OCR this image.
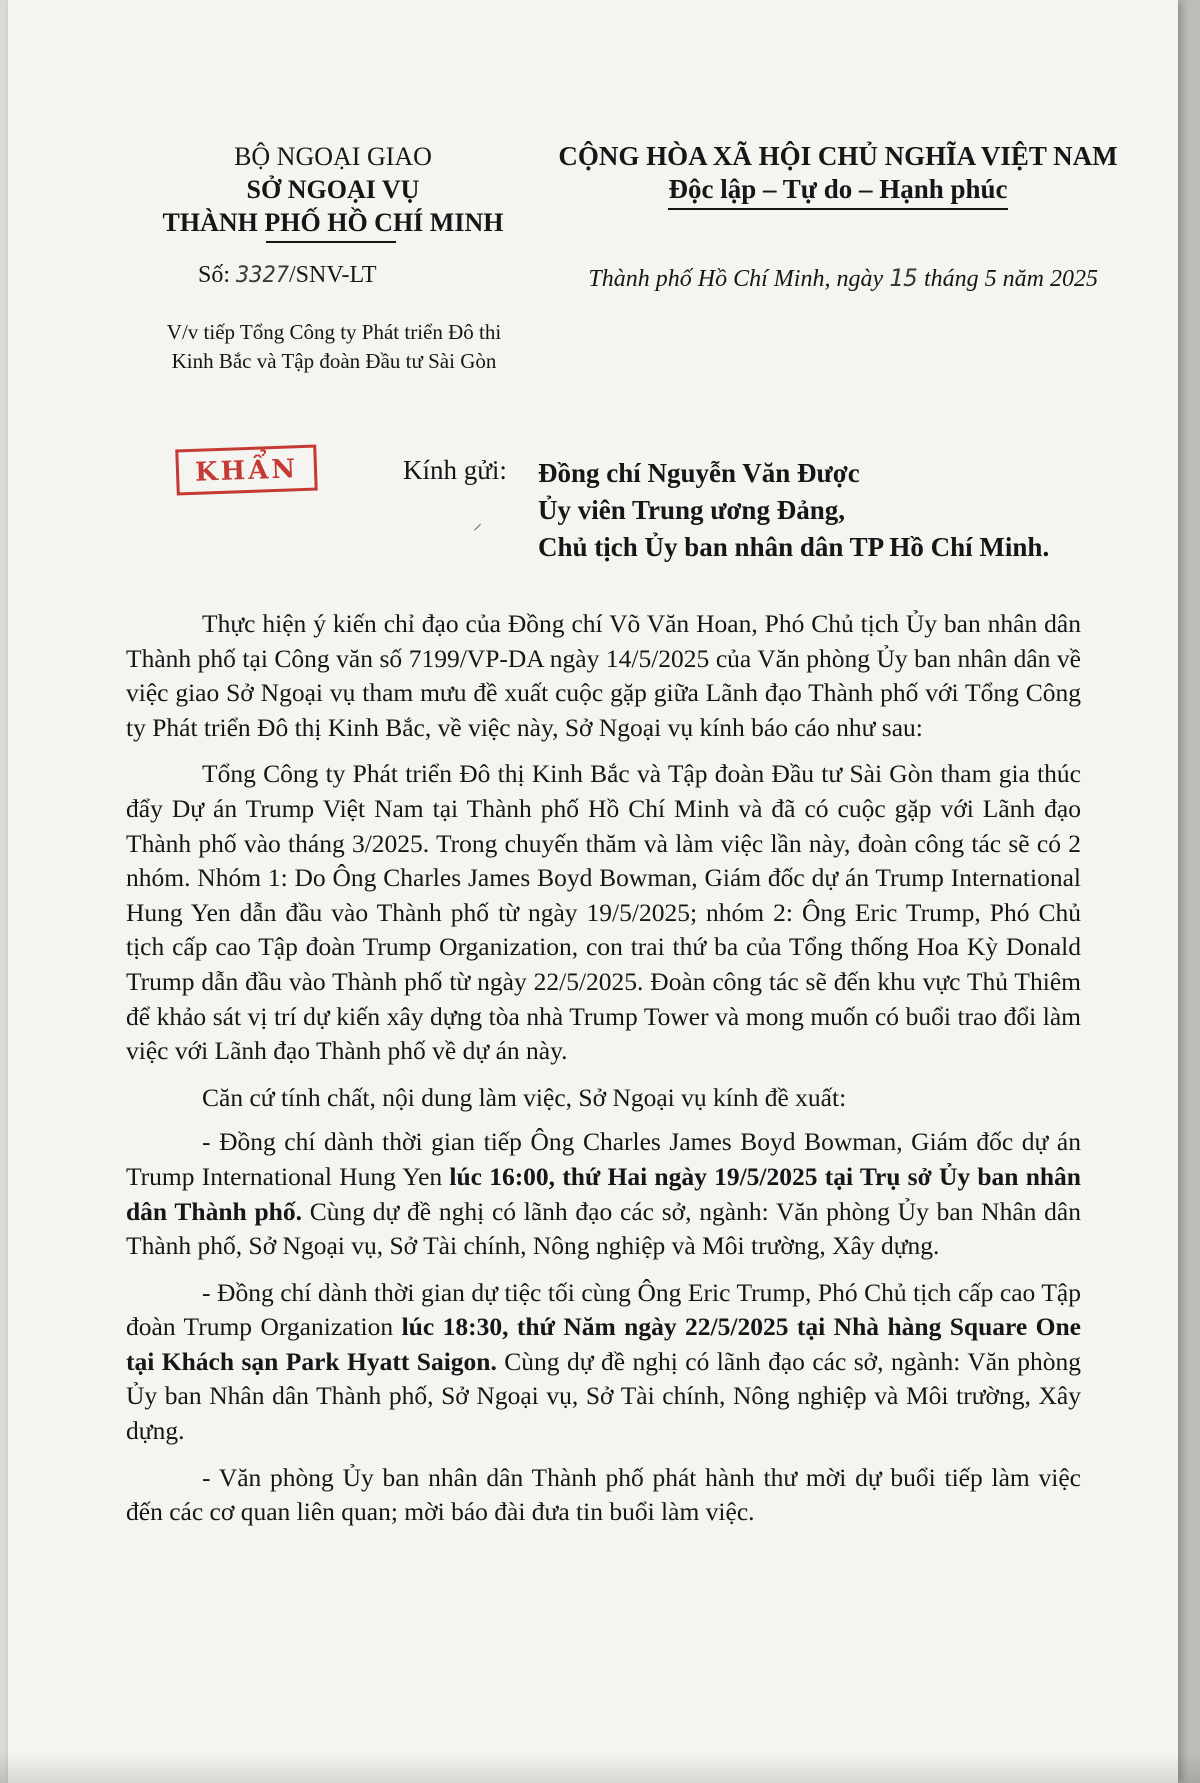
BỘ NGOẠI GIAO
SỞ NGOẠI VỤ
THÀNH PHỐ HỒ CHÍ MINH
CỘNG HÒA XÃ HỘI CHỦ NGHĨA VIỆT NAM
Độc lập – Tự do – Hạnh phúc
Số: 3327/SNV-LT	Thành phố Hồ Chí Minh, ngày 15 tháng 5 năm 2025
V/v tiếp Tổng Công ty Phát triển Đô thi
Kinh Bắc và Tập đoàn Đầu tư Sài Gòn
KHẨN	Kính gửi:
⸝
Đồng chí Nguyễn Văn Được
Ủy viên Trung ương Đảng,
Chủ tịch Ủy ban nhân dân TP Hồ Chí Minh.

Thực hiện ý kiến chỉ đạo của Đồng chí Võ Văn Hoan, Phó Chủ tịch Ủy ban nhân dân Thành phố tại Công văn số 7199/VP-DA ngày 14/5/2025 của Văn phòng Ủy ban nhân dân về việc giao Sở Ngoại vụ tham mưu đề xuất cuộc gặp giữa Lãnh đạo Thành phố với Tổng Công ty Phát triển Đô thị Kinh Bắc, về việc này, Sở Ngoại vụ kính báo cáo như sau:

Tổng Công ty Phát triển Đô thị Kinh Bắc và Tập đoàn Đầu tư Sài Gòn tham gia thúc đẩy Dự án Trump Việt Nam tại Thành phố Hồ Chí Minh và đã có cuộc gặp với Lãnh đạo Thành phố vào tháng 3/2025. Trong chuyến thăm và làm việc lần này, đoàn công tác sẽ có 2 nhóm. Nhóm 1: Do Ông Charles James Boyd Bowman, Giám đốc dự án Trump International Hung Yen dẫn đầu vào Thành phố từ ngày 19/5/2025; nhóm 2: Ông Eric Trump, Phó Chủ tịch cấp cao Tập đoàn Trump Organization, con trai thứ ba của Tổng thống Hoa Kỳ Donald Trump dẫn đầu vào Thành phố từ ngày 22/5/2025. Đoàn công tác sẽ đến khu vực Thủ Thiêm để khảo sát vị trí dự kiến xây dựng tòa nhà Trump Tower và mong muốn có buổi trao đổi làm việc với Lãnh đạo Thành phố về dự án này.

Căn cứ tính chất, nội dung làm việc, Sở Ngoại vụ kính đề xuất:

- Đồng chí dành thời gian tiếp Ông Charles James Boyd Bowman, Giám đốc dự án Trump International Hung Yen lúc 16:00, thứ Hai ngày 19/5/2025 tại Trụ sở Ủy ban nhân dân Thành phố. Cùng dự đề nghị có lãnh đạo các sở, ngành: Văn phòng Ủy ban Nhân dân Thành phố, Sở Ngoại vụ, Sở Tài chính, Nông nghiệp và Môi trường, Xây dựng.

- Đồng chí dành thời gian dự tiệc tối cùng Ông Eric Trump, Phó Chủ tịch cấp cao Tập đoàn Trump Organization lúc 18:30, thứ Năm ngày 22/5/2025 tại Nhà hàng Square One tại Khách sạn Park Hyatt Saigon. Cùng dự đề nghị có lãnh đạo các sở, ngành: Văn phòng Ủy ban Nhân dân Thành phố, Sở Ngoại vụ, Sở Tài chính, Nông nghiệp và Môi trường, Xây dựng.

- Văn phòng Ủy ban nhân dân Thành phố phát hành thư mời dự buổi tiếp làm việc đến các cơ quan liên quan; mời báo đài đưa tin buổi làm việc.
